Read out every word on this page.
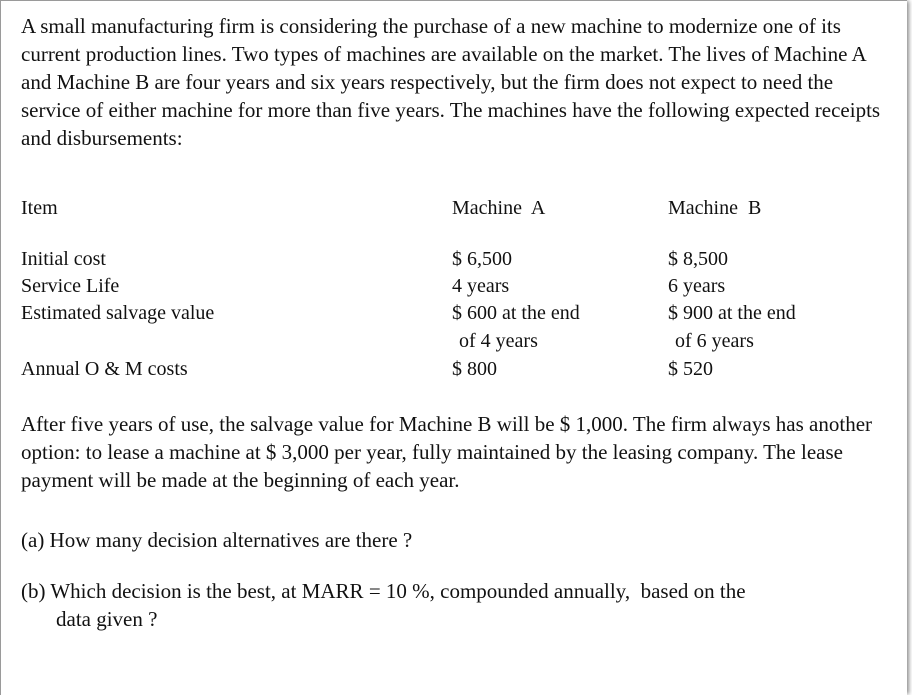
A small manufacturing firm is considering the purchase of a new machine to modernize one of its current production lines. Two types of machines are available on the market. The lives of Machine A and Machine B are four years and six years respectively, but the firm does not expect to need the service of either machine for more than five years. The machines have the following expected receipts and disbursements:

Item	Machine  A	Machine  B
Initial cost
Service Life
Estimated salvage value
Annual O & M costs
$ 6,500
4 years
$ 600 at the end
of 4 years
$ 800
$ 8,500
6 years
$ 900 at the end
of 6 years
$ 520

After five years of use, the salvage value for Machine B will be $ 1,000. The firm always has another option: to lease a machine at $ 3,000 per year, fully maintained by the leasing company. The lease payment will be made at the beginning of each year.

(a) How many decision alternatives are there ?

(b) Which decision is the best, at MARR = 10 %, compounded annually,  based on the
data given ?
